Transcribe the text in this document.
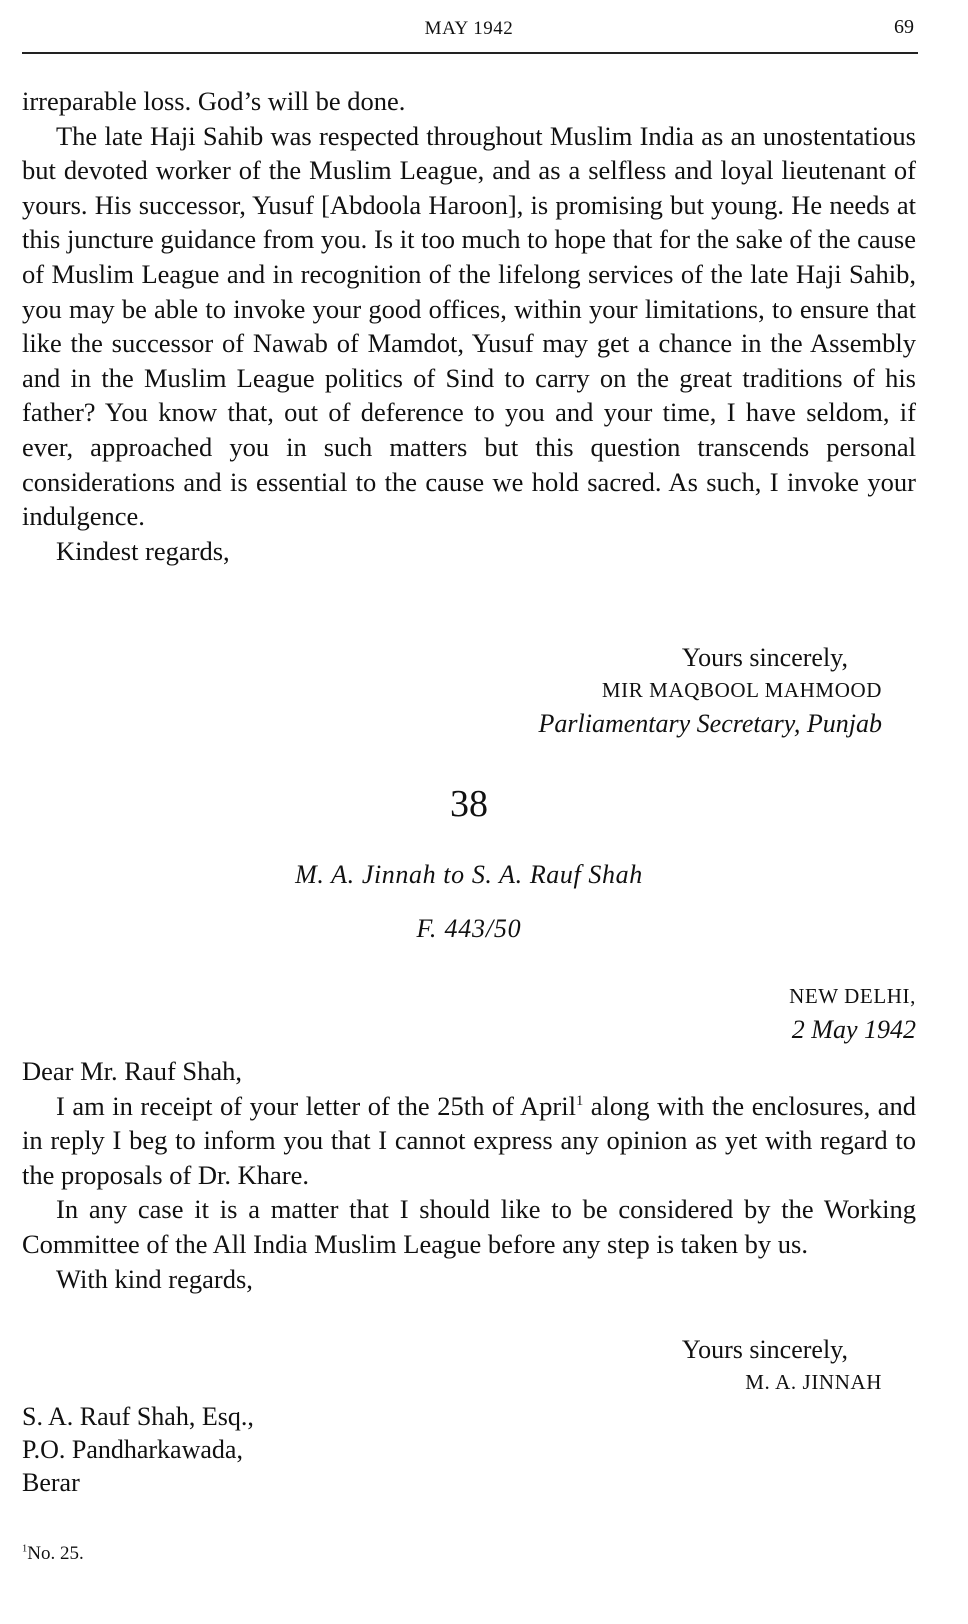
MAY 1942	69

irreparable loss. God’s will be done.

The late Haji Sahib was respected throughout Muslim India as an unostentatious but devoted worker of the Muslim League, and as a selfless and loyal lieutenant of yours. His successor, Yusuf [Abdoola Haroon], is promising but young. He needs at this juncture guidance from you. Is it too much to hope that for the sake of the cause of Muslim League and in recognition of the lifelong services of the late Haji Sahib, you may be able to invoke your good offices, within your limitations, to ensure that like the successor of Nawab of Mamdot, Yusuf may get a chance in the Assembly and in the Muslim League politics of Sind to carry on the great traditions of his father? You know that, out of deference to you and your time, I have seldom, if ever, approached you in such matters but this question transcends personal considerations and is essential to the cause we hold sacred. As such, I invoke your indulgence.

Kindest regards,

Yours sincerely,
MIR MAQBOOL MAHMOOD
Parliamentary Secretary, Punjab
38
M. A. Jinnah to S. A. Rauf Shah
F. 443/50
NEW DELHI,
2 May 1942

Dear Mr. Rauf Shah,

I am in receipt of your letter of the 25th of April$^1$ along with the enclosures, and in reply I beg to inform you that I cannot express any opinion as yet with regard to the proposals of Dr. Khare.

In any case it is a matter that I should like to be considered by the Working Committee of the All India Muslim League before any step is taken by us.

With kind regards,

Yours sincerely,
M. A. JINNAH
S. A. Rauf Shah, Esq.,
P.O. Pandharkawada,
Berar
$^1$No. 25.
